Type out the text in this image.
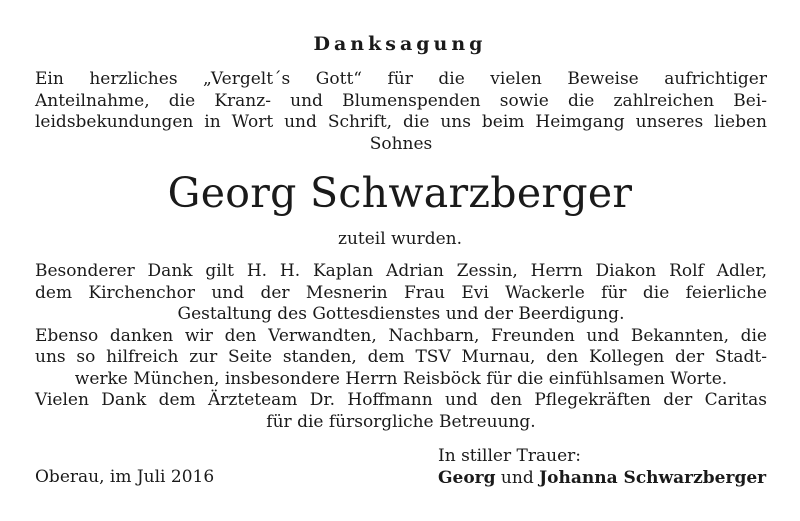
Danksagung
Ein herzliches „Vergelt´s Gott“ für die vielen Beweise aufrichtiger
Anteilnahme, die Kranz- und Blumenspenden sowie die zahlreichen Bei-
leidsbekundungen in Wort und Schrift, die uns beim Heimgang unseres lieben
Sohnes
Georg Schwarzberger
zuteil wurden.
Besonderer Dank gilt H. H. Kaplan Adrian Zessin, Herrn Diakon Rolf Adler,
dem Kirchenchor und der Mesnerin Frau Evi Wackerle für die feierliche
Gestaltung des Gottesdienstes und der Beerdigung.
Ebenso danken wir den Verwandten, Nachbarn, Freunden und Bekannten, die
uns so hilfreich zur Seite standen, dem TSV Murnau, den Kollegen der Stadt-
werke München, insbesondere Herrn Reisböck für die einfühlsamen Worte.
Vielen Dank dem Ärzteteam Dr. Hoffmann und den Pflegekräften der Caritas
für die fürsorgliche Betreuung.
Oberau, im Juli 2016
In stiller Trauer:
Georg und Johanna Schwarzberger
